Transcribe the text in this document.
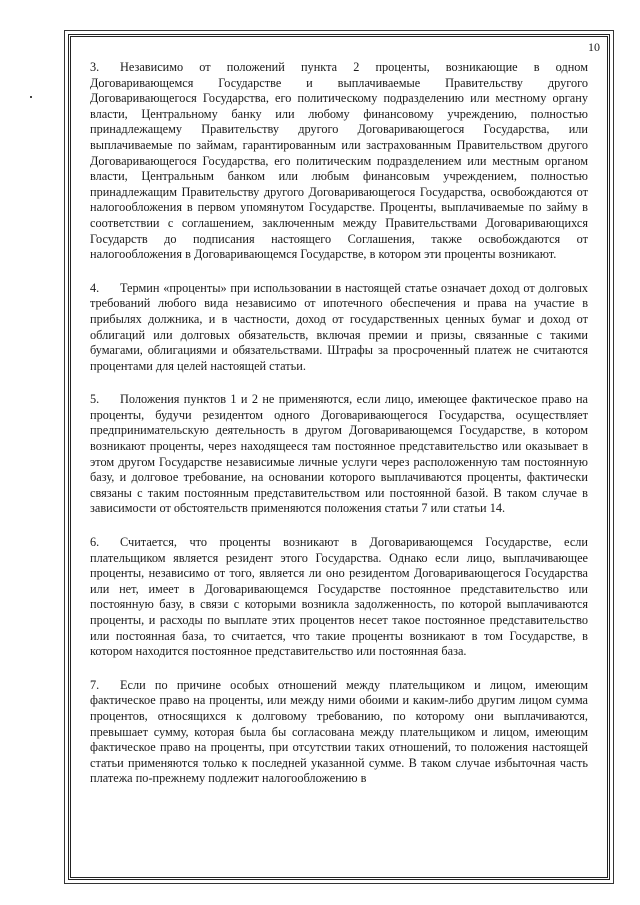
10

3. Независимо от положений пункта 2 проценты, возникающие в одном Договаривающемся Государстве и выплачиваемые Правительству другого Договаривающегося Государства, его политическому подразделению или местному органу власти, Центральному банку или любому финансовому учреждению, полностью принадлежащему Правительству другого Договаривающегося Государства, или выплачиваемые по займам, гарантированным или застрахованным Правительством другого Договаривающегося Государства, его политическим подразделением или местным органом власти, Центральным банком или любым финансовым учреждением, полностью принадлежащим Правительству другого Договаривающегося Государства, освобождаются от налогообложения в первом упомянутом Государстве. Проценты, выплачиваемые по займу в соответствии с соглашением, заключенным между Правительствами Договаривающихся Государств до подписания настоящего Соглашения, также освобождаются от налогообложения в Договаривающемся Государстве, в котором эти проценты возникают.

4. Термин «проценты» при использовании в настоящей статье означает доход от долговых требований любого вида независимо от ипотечного обеспечения и права на участие в прибылях должника, и в частности, доход от государственных ценных бумаг и доход от облигаций или долговых обязательств, включая премии и призы, связанные с такими бумагами, облигациями и обязательствами. Штрафы за просроченный платеж не считаются процентами для целей настоящей статьи.

5. Положения пунктов 1 и 2 не применяются, если лицо, имеющее фактическое право на проценты, будучи резидентом одного Договаривающегося Государства, осуществляет предпринимательскую деятельность в другом Договаривающемся Государстве, в котором возникают проценты, через находящееся там постоянное представительство или оказывает в этом другом Государстве независимые личные услуги через расположенную там постоянную базу, и долговое требование, на основании которого выплачиваются проценты, фактически связаны с таким постоянным представительством или постоянной базой. В таком случае в зависимости от обстоятельств применяются положения статьи 7 или статьи 14.

6. Считается, что проценты возникают в Договаривающемся Государстве, если плательщиком является резидент этого Государства. Однако если лицо, выплачивающее проценты, независимо от того, является ли оно резидентом Договаривающегося Государства или нет, имеет в Договаривающемся Государстве постоянное представительство или постоянную базу, в связи с которыми возникла задолженность, по которой выплачиваются проценты, и расходы по выплате этих процентов несет такое постоянное представительство или постоянная база, то считается, что такие проценты возникают в том Государстве, в котором находится постоянное представительство или постоянная база.

7. Если по причине особых отношений между плательщиком и лицом, имеющим фактическое право на проценты, или между ними обоими и каким-либо другим лицом сумма процентов, относящихся к долговому требованию, по которому они выплачиваются, превышает сумму, которая была бы согласована между плательщиком и лицом, имеющим фактическое право на проценты, при отсутствии таких отношений, то положения настоящей статьи применяются только к последней указанной сумме. В таком случае избыточная часть платежа по-прежнему подлежит налогообложению в
